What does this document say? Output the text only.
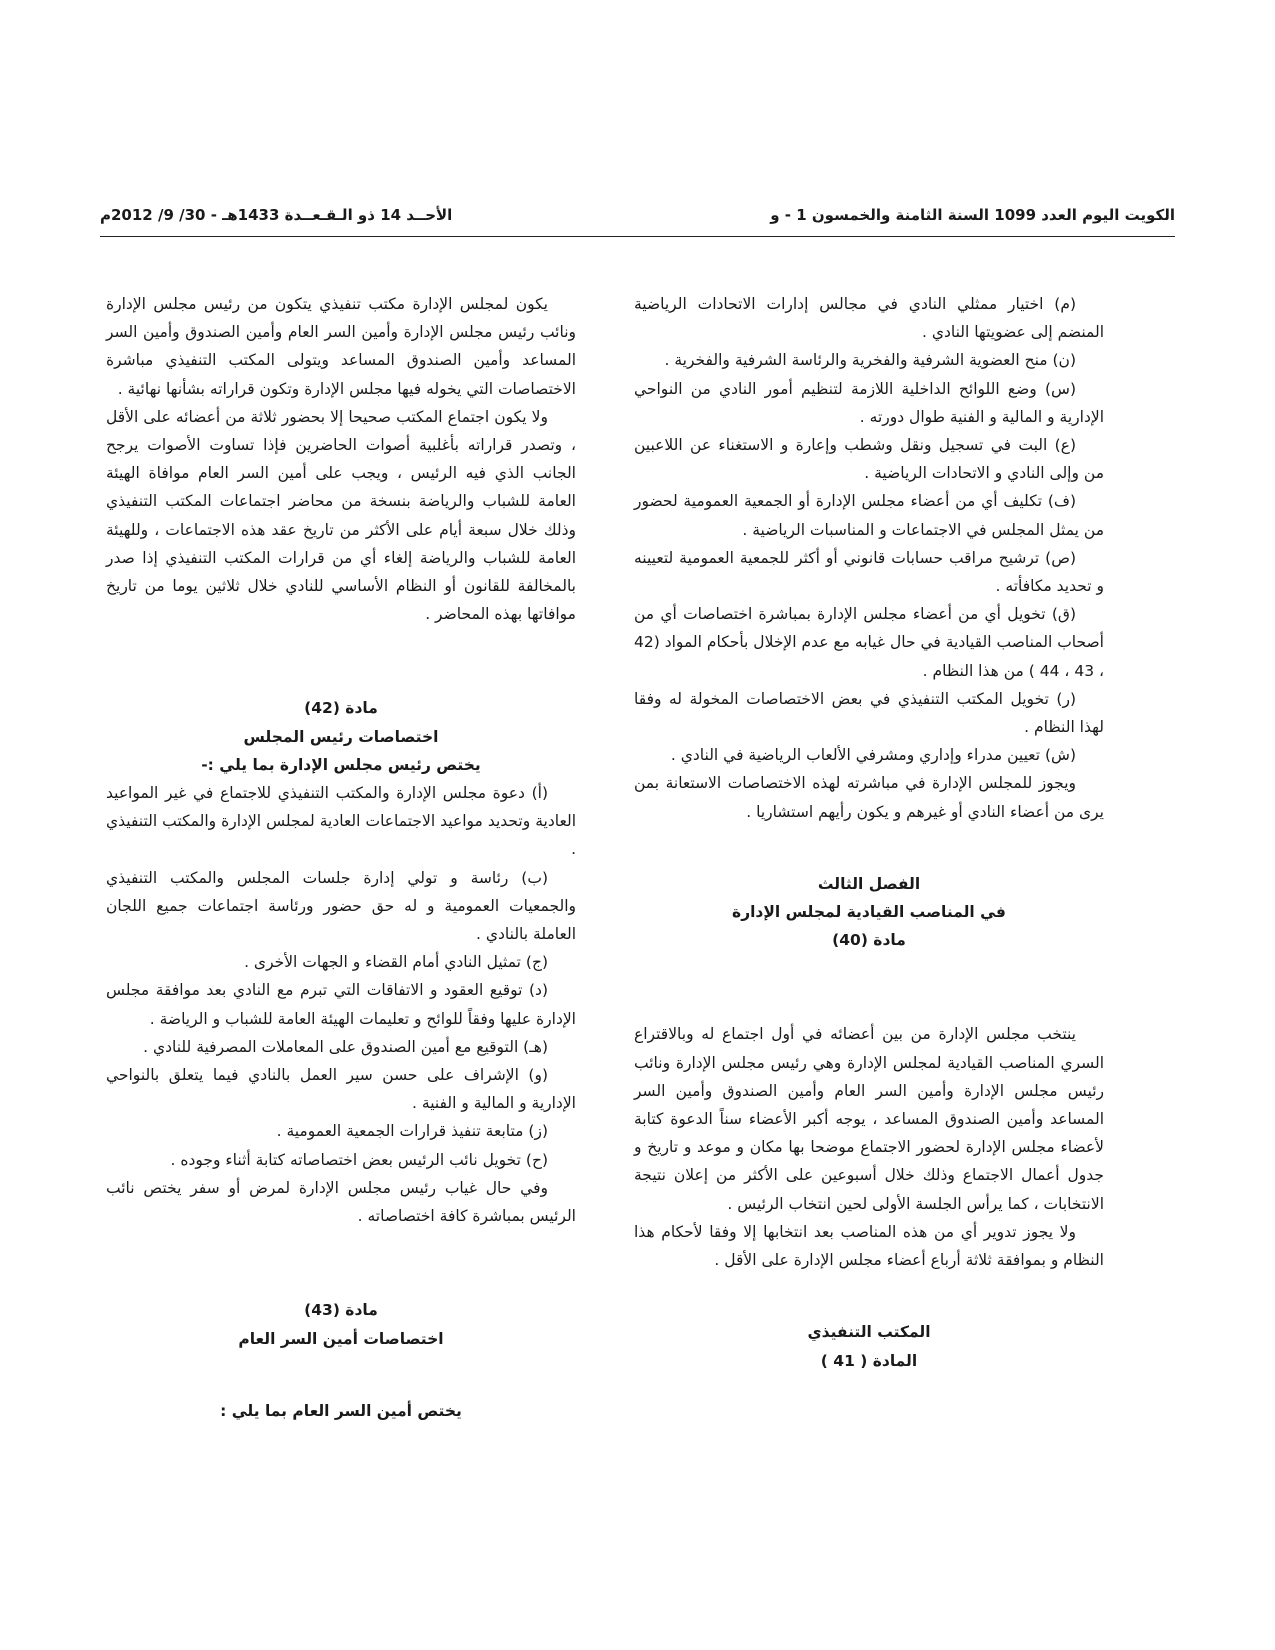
الأحــد 14 ذو الـقـعــدة 1433هـ - 30/ 9/ 2012م	الكويت اليوم العدد 1099 السنة الثامنة والخمسون 1 - و

(م) اختيار ممثلي النادي في مجالس إدارات الاتحادات الرياضية المنضم إلى عضويتها النادي .

(ن) منح العضوية الشرفية والفخرية والرئاسة الشرفية والفخرية .

(س) وضع اللوائح الداخلية اللازمة لتنظيم أمور النادي من النواحي الإدارية و المالية و الفنية طوال دورته .

(ع) البت في تسجيل ونقل وشطب وإعارة و الاستغناء عن اللاعبين من وإلى النادي و الاتحادات الرياضية .

(ف) تكليف أي من أعضاء مجلس الإدارة أو الجمعية العمومية لحضور من يمثل المجلس في الاجتماعات و المناسبات الرياضية .

(ص) ترشيح مراقب حسابات قانوني أو أكثر للجمعية العمومية لتعيينه و تحديد مكافأته .

(ق) تخويل أي من أعضاء مجلس الإدارة بمباشرة اختصاصات أي من أصحاب المناصب القيادية في حال غيابه مع عدم الإخلال بأحكام المواد (42 ، 43 ، 44 ) من هذا النظام .

(ر) تخويل المكتب التنفيذي في بعض الاختصاصات المخولة له وفقا لهذا النظام .

(ش) تعيين مدراء وإداري ومشرفي الألعاب الرياضية في النادي .

ويجوز للمجلس الإدارة في مباشرته لهذه الاختصاصات الاستعانة بمن يرى من أعضاء النادي أو غيرهم و يكون رأيهم استشاريا .

الفصل الثالث

في المناصب القيادية لمجلس الإدارة

مادة (40)

ينتخب مجلس الإدارة من بين أعضائه في أول اجتماع له وبالاقتراع السري المناصب القيادية لمجلس الإدارة وهي رئيس مجلس الإدارة ونائب رئيس مجلس الإدارة وأمين السر العام وأمين الصندوق وأمين السر المساعد وأمين الصندوق المساعد ، يوجه أكبر الأعضاء سناً الدعوة كتابة لأعضاء مجلس الإدارة لحضور الاجتماع موضحا بها مكان و موعد و تاريخ و جدول أعمال الاجتماع وذلك خلال أسبوعين على الأكثر من إعلان نتيجة الانتخابات ، كما يرأس الجلسة الأولى لحين انتخاب الرئيس .

ولا يجوز تدوير أي من هذه المناصب بعد انتخابها إلا وفقا لأحكام هذا النظام و بموافقة ثلاثة أرباع أعضاء مجلس الإدارة على الأقل .

المكتب التنفيذي

المادة ( 41 )

يكون لمجلس الإدارة مكتب تنفيذي يتكون من رئيس مجلس الإدارة ونائب رئيس مجلس الإدارة وأمين السر العام وأمين الصندوق وأمين السر المساعد وأمين الصندوق المساعد ويتولى المكتب التنفيذي مباشرة الاختصاصات التي يخوله فيها مجلس الإدارة وتكون قراراته بشأنها نهائية .

ولا يكون اجتماع المكتب صحيحا إلا بحضور ثلاثة من أعضائه على الأقل ، وتصدر قراراته بأغلبية أصوات الحاضرين فإذا تساوت الأصوات يرجح الجانب الذي فيه الرئيس ، ويجب على أمين السر العام موافاة الهيئة العامة للشباب والرياضة بنسخة من محاضر اجتماعات المكتب التنفيذي وذلك خلال سبعة أيام على الأكثر من تاريخ عقد هذه الاجتماعات ، وللهيئة العامة للشباب والرياضة إلغاء أي من قرارات المكتب التنفيذي إذا صدر بالمخالفة للقانون أو النظام الأساسي للنادي خلال ثلاثين يوما من تاريخ موافاتها بهذه المحاضر .

مادة (42)

اختصاصات رئيس المجلس

يختص رئيس مجلس الإدارة بما يلي :-

(أ) دعوة مجلس الإدارة والمكتب التنفيذي للاجتماع في غير المواعيد العادية وتحديد مواعيد الاجتماعات العادية لمجلس الإدارة والمكتب التنفيذي .

(ب) رئاسة و تولي إدارة جلسات المجلس والمكتب التنفيذي والجمعيات العمومية و له حق حضور ورئاسة اجتماعات جميع اللجان العاملة بالنادي .

(ج) تمثيل النادي أمام القضاء و الجهات الأخرى .

(د) توقيع العقود و الاتفاقات التي تبرم مع النادي بعد موافقة مجلس الإدارة عليها وفقاً للوائح و تعليمات الهيئة العامة للشباب و الرياضة .

(هـ) التوقيع مع أمين الصندوق على المعاملات المصرفية للنادي .

(و) الإشراف على حسن سير العمل بالنادي فيما يتعلق بالنواحي الإدارية و المالية و الفنية .

(ز) متابعة تنفيذ قرارات الجمعية العمومية .

(ح) تخويل نائب الرئيس بعض اختصاصاته كتابة أثناء وجوده .

وفي حال غياب رئيس مجلس الإدارة لمرض أو سفر يختص نائب الرئيس بمباشرة كافة اختصاصاته .

مادة (43)

اختصاصات أمين السر العام

يختص أمين السر العام بما يلي :
